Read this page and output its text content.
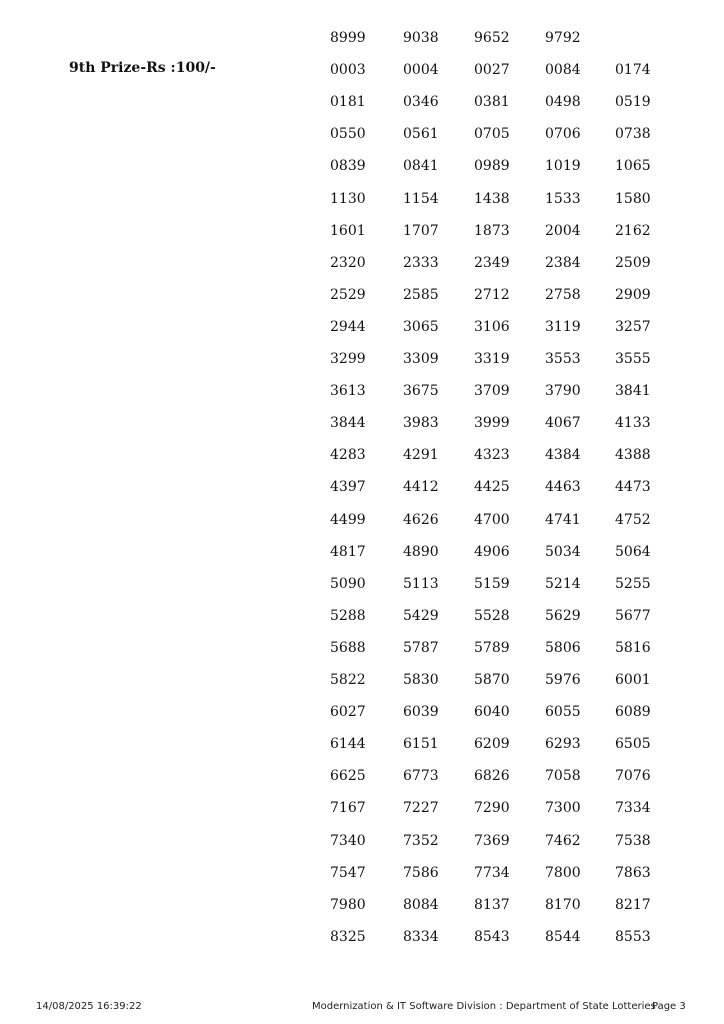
9th Prize-Rs :100/-
8999	9038	9652	9792
0003	0004	0027	0084 0174
0181	0346	0381	0498 0519
0550	0561	0705	0706 0738
0839	0841	0989	1019 1065
1130	1154	1438	1533 1580
1601	1707	1873	2004 2162
2320	2333	2349	2384 2509
2529	2585	2712	2758 2909
2944	3065	3106	3119 3257
3299	3309	3319	3553 3555
3613	3675	3709	3790 3841
3844	3983	3999	4067 4133
4283	4291	4323	4384 4388
4397	4412	4425	4463 4473
4499	4626	4700	4741 4752
4817	4890	4906	5034 5064
5090	5113	5159	5214 5255
5288	5429	5528	5629 5677
5688	5787	5789	5806 5816
5822	5830	5870	5976 6001
6027	6039	6040	6055 6089
6144	6151	6209	6293 6505
6625	6773	6826	7058 7076
7167	7227	7290	7300 7334
7340	7352	7369	7462 7538
7547	7586	7734	7800 7863
7980	8084	8137	8170 8217
8325	8334	8543	8544 8553
14/08/2025 16:39:22	Modernization & IT Software Division : Department of State Lotteries
Page 3
